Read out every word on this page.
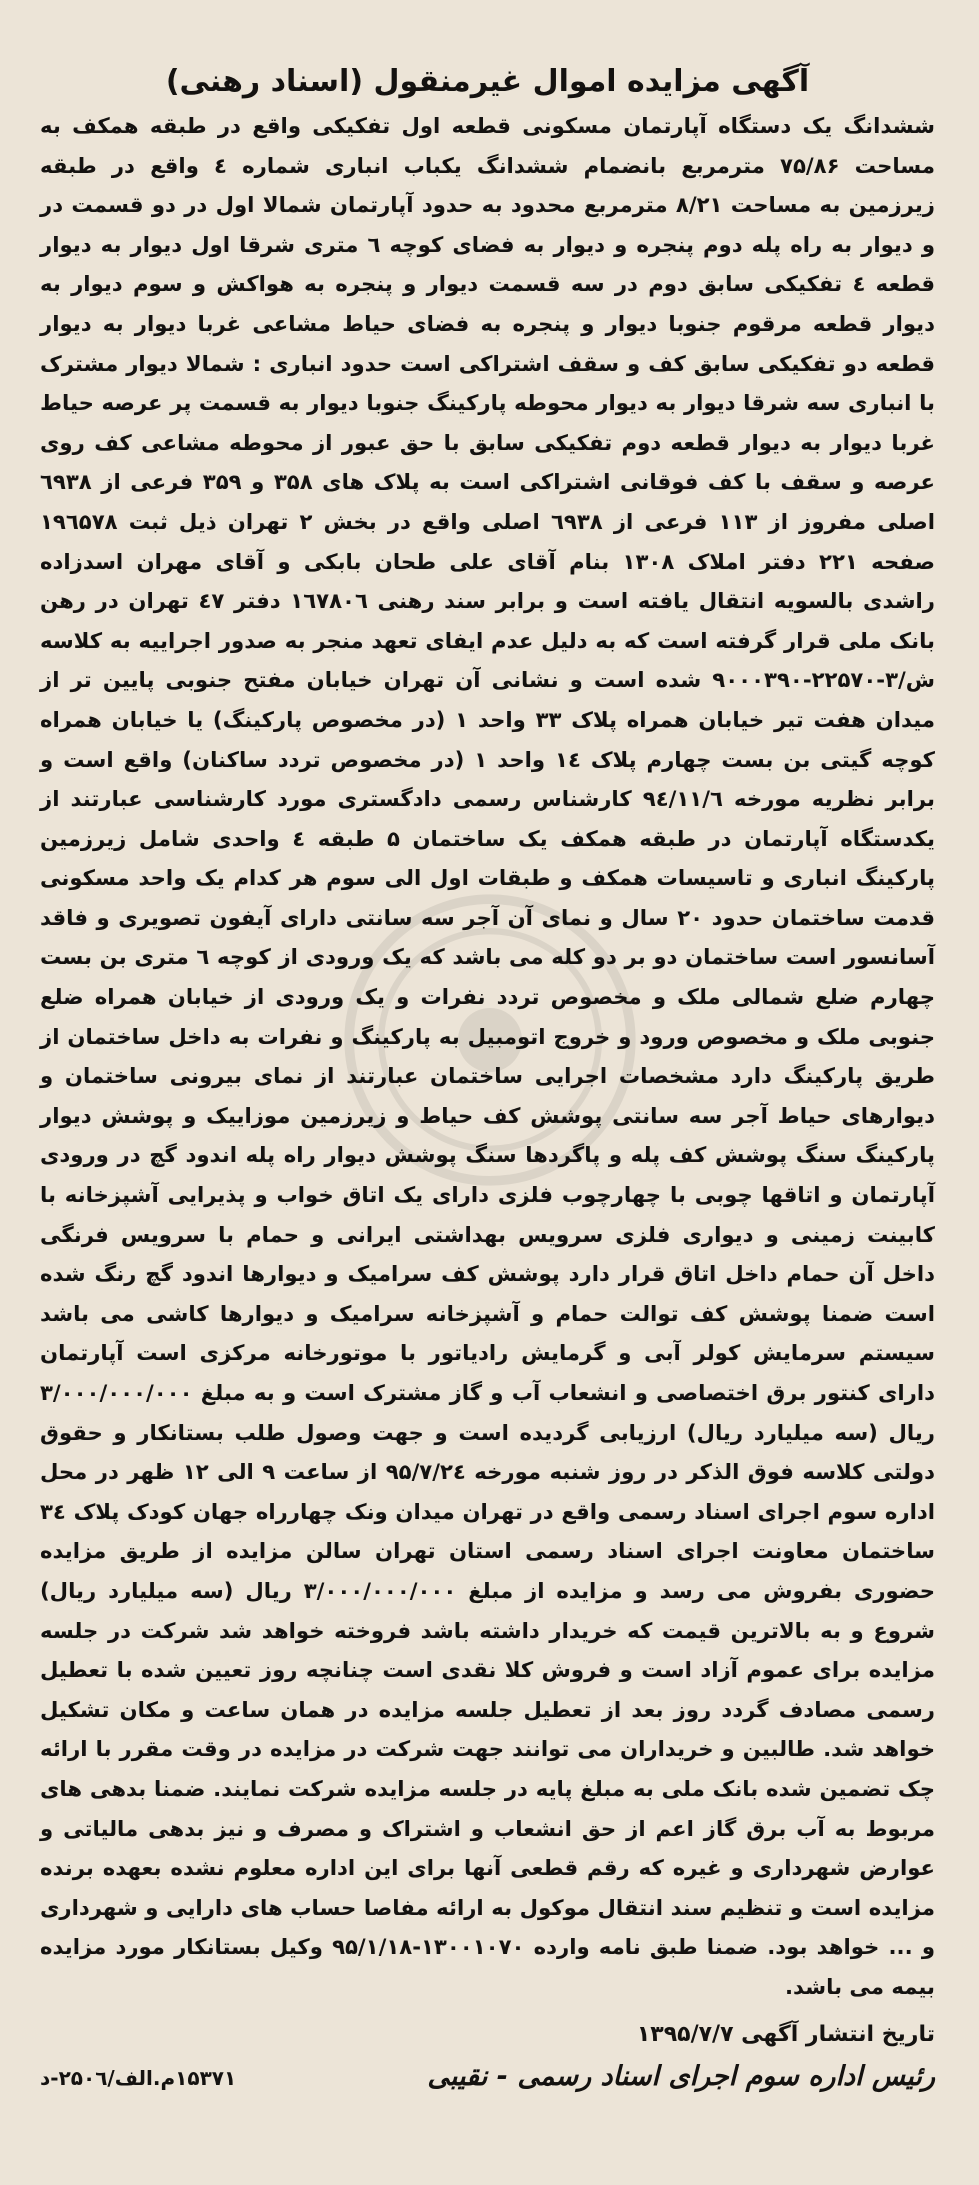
آگهی مزایده اموال غیرمنقول (اسناد رهنی)

ششدانگ یک دستگاه آپارتمان مسکونی قطعه اول تفکیکی واقع در طبقه همکف به مساحت ۷۵/۸۶ مترمربع بانضمام ششدانگ یکباب انباری شماره ٤ واقع در طبقه زیرزمین به مساحت ۸/۲۱ مترمربع محدود به حدود آپارتمان شمالا اول در دو قسمت در و دیوار به راه پله دوم پنجره و دیوار به فضای کوچه ٦ متری شرقا اول دیوار به دیوار قطعه ٤ تفکیکی سابق دوم در سه قسمت دیوار و پنجره به هواکش و سوم دیوار به دیوار قطعه مرقوم جنوبا دیوار و پنجره به فضای حیاط مشاعی غربا دیوار به دیوار قطعه دو تفکیکی سابق کف و سقف اشتراکی است حدود انباری : شمالا دیوار مشترک با انباری سه شرقا دیوار به دیوار محوطه پارکینگ جنوبا دیوار به قسمت پر عرصه حیاط غربا دیوار به دیوار قطعه دوم تفکیکی سابق با حق عبور از محوطه مشاعی کف روی عرصه و سقف با کف فوقانی اشتراکی است به پلاک های ۳۵۸ و ۳۵۹ فرعی از ٦۹۳۸ اصلی مفروز از ۱۱۳ فرعی از ٦۹۳۸ اصلی واقع در بخش ۲ تهران ذیل ثبت ۱۹٦۵۷۸ صفحه ۲۲۱ دفتر املاک ۱۳۰۸ بنام آقای علی طحان بابکی و آقای مهران اسدزاده راشدی بالسویه انتقال یافته است و برابر سند رهنی ۱٦۷۸۰٦ دفتر ٤۷ تهران در رهن بانک ملی قرار گرفته است که به دلیل عدم ایفای تعهد منجر به صدور اجراییه به کلاسه ش/۳-۲۲۵۷۰-۹۰۰۰۳۹۰ شده است و نشانی آن تهران خیابان مفتح جنوبی پایین تر از میدان هفت تیر خیابان همراه پلاک ۳۳ واحد ۱ (در مخصوص پارکینگ) یا خیابان همراه کوچه گیتی بن بست چهارم پلاک ۱٤ واحد ۱ (در مخصوص تردد ساکنان) واقع است و برابر نظریه مورخه ۹٤/۱۱/٦ کارشناس رسمی دادگستری مورد کارشناسی عبارتند از یکدستگاه آپارتمان در طبقه همکف یک ساختمان ۵ طبقه ٤ واحدی شامل زیرزمین پارکینگ انباری و تاسیسات همکف و طبقات اول الی سوم هر کدام یک واحد مسکونی قدمت ساختمان حدود ۲۰ سال و نمای آن آجر سه سانتی دارای آیفون تصویری و فاقد آسانسور است ساختمان دو بر دو کله می باشد که یک ورودی از کوچه ٦ متری بن بست چهارم ضلع شمالی ملک و مخصوص تردد نفرات و یک ورودی از خیابان همراه ضلع جنوبی ملک و مخصوص ورود و خروج اتومبیل به پارکینگ و نفرات به داخل ساختمان از طریق پارکینگ دارد مشخصات اجرایی ساختمان عبارتند از نمای بیرونی ساختمان و دیوارهای حیاط آجر سه سانتی پوشش کف حیاط و زیرزمین موزاییک و پوشش دیوار پارکینگ سنگ پوشش کف پله و پاگردها سنگ پوشش دیوار راه پله اندود گچ در ورودی آپارتمان و اتاقها چوبی با چهارچوب فلزی دارای یک اتاق خواب و پذیرایی آشپزخانه با کابینت زمینی و دیواری فلزی سرویس بهداشتی ایرانی و حمام با سرویس فرنگی داخل آن حمام داخل اتاق قرار دارد پوشش کف سرامیک و دیوارها اندود گچ رنگ شده است ضمنا پوشش کف توالت حمام و آشپزخانه سرامیک و دیوارها کاشی می باشد سیستم سرمایش کولر آبی و گرمایش رادیاتور با موتورخانه مرکزی است آپارتمان دارای کنتور برق اختصاصی و انشعاب آب و گاز مشترک است و به مبلغ ۳/۰۰۰/۰۰۰/۰۰۰ ریال (سه میلیارد ریال) ارزیابی گردیده است و جهت وصول طلب بستانکار و حقوق دولتی کلاسه فوق الذکر در روز شنبه مورخه ۹۵/۷/۲٤ از ساعت ۹ الی ۱۲ ظهر در محل اداره سوم اجرای اسناد رسمی واقع در تهران میدان ونک چهارراه جهان کودک پلاک ۳٤ ساختمان معاونت اجرای اسناد رسمی استان تهران سالن مزایده از طریق مزایده حضوری بفروش می رسد و مزایده از مبلغ ۳/۰۰۰/۰۰۰/۰۰۰ ریال (سه میلیارد ریال) شروع و به بالاترین قیمت که خریدار داشته باشد فروخته خواهد شد شرکت در جلسه مزایده برای عموم آزاد است و فروش کلا نقدی است چنانچه روز تعیین شده با تعطیل رسمی مصادف گردد روز بعد از تعطیل جلسه مزایده در همان ساعت و مکان تشکیل خواهد شد. طالبین و خریداران می توانند جهت شرکت در مزایده در وقت مقرر با ارائه چک تضمین شده بانک ملی به مبلغ پایه در جلسه مزایده شرکت نمایند. ضمنا بدهی های مربوط به آب برق گاز اعم از حق انشعاب و اشتراک و مصرف و نیز بدهی مالیاتی و عوارض شهرداری و غیره که رقم قطعی آنها برای این اداره معلوم نشده بعهده برنده مزایده است و تنظیم سند انتقال موکول به ارائه مفاصا حساب های دارایی و شهرداری و ... خواهد بود. ضمنا طبق نامه وارده ۱۳۰۰۱۰۷۰-۹۵/۱/۱۸ وکیل بستانکار مورد مزایده بیمه می باشد.

تاریخ انتشار آگهی ۱۳۹۵/۷/۷
رئیس اداره سوم اجرای اسناد رسمی - نقیبی
۱۵۳۷۱م.الف/۲۵۰٦-د
